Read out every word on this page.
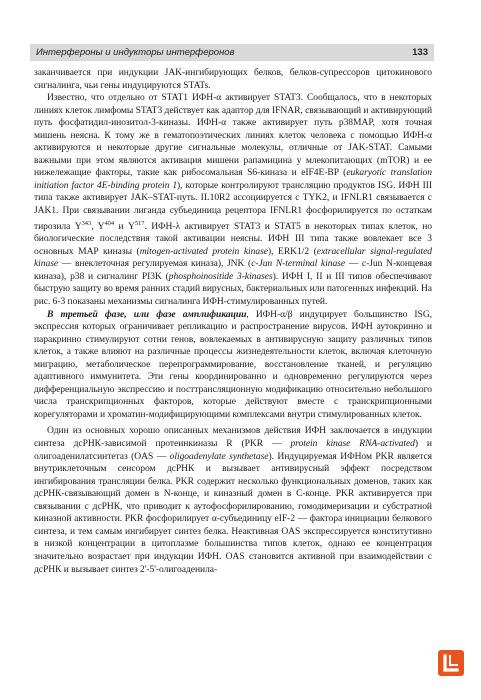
Интерфероны и индукторы интерферонов	133

заканчивается при индукции JAK-ингибирующих белков, белков-супрессоров цитокинового сигналинга, чьи гены индуцируются STATs.

Известно, что отдельно от STAT1 ИФН-α активирует STAT3. Сообщалось, что в некоторых линиях клеток лимфомы STAT3 действует как адаптор для IFNAR, связывающий и активирующий путь фосфатидил-инозитол-3-киназы. ИФН-α также активирует путь p38MAP, хотя точная мишень неясна. К тому же в гематопоэтических линиях клеток человека с помощью ИФН-α активируются и некоторые другие сигнальные молекулы, отличные от JAK-STAT. Самыми важными при этом являются активация мишени рапамицина у млекопитающих (mTOR) и ее нижележащие факторы, такие как рибосомальная S6-киназа и eIF4E-BP (eukaryotic translation initiation factor 4E-binding protein 1), которые контролируют трансляцию продуктов ISG. ИФН III типа также активирует JAK–STAT-путь. IL10R2 ассоциируется с TYK2, и IFNLR1 связывается с JAK1. При связывании лиганда субъединица рецептора IFNLR1 фосфорилируется по остаткам тирозила $Y^{343}$, $Y^{404}$ и $Y^{517}$. ИФН-λ активирует STAT3 и STAT5 в некоторых типах клеток, но биологические последствия такой активации неясны. ИФН III типа также вовлекает все 3 основных MAP киназы (mitogen-activated protein kinase), ERK1/2 (extracellular signal-regulated kinase — внеклеточная регулируемая киназа), JNK (c-Jun N-terminal kinase — c-Jun N-концевая киназа), p38 и сигналинг PI3K (phosphoinositide 3-kinases). ИФН I, II и III типов обеспечивают быструю защиту во время ранних стадий вирусных, бактериальных или патогенных инфекций. На рис. 6-3 показаны механизмы сигналинга ИФН-стимулированных путей.

В третьей фазе, или фазе амплификации, ИФН-α/β индуцирует большинство ISG, экспрессия которых ограничивает репликацию и распространение вирусов. ИФН аутокринно и паракринно стимулируют сотни генов, вовлекаемых в антивирусную защиту различных типов клеток, а также влияют на различные процессы жизнедеятельности клеток, включая клеточную миграцию, метаболическое перепрограммирование, восстановление тканей, и регуляцию адаптивного иммунитета. Эти гены координированно и одновременно регулируются через дифференциальную экспрессию и посттрансляционную модификацию относительно небольшого числа транскрипционных факторов, которые действуют вместе с транскрипционными корегуляторами и хроматин-модифицирующими комплексами внутри стимулированных клеток.

Один из основных хорошо описанных механизмов действия ИФН заключается в индукции синтеза дсРНК-зависимой протеинкиназы R (PKR — protein kinase RNA-activated) и олигоаденилатсинтетаз (OAS — oligoadenylate synthetase). Индуцируемая ИФНом PKR является внутриклеточным сенсором дсРНК и вызывает антивирусный эффект посредством ингибирования трансляции белка. PKR содержит несколько функциональных доменов, таких как дсРНК-связывающий домен в N-конце, и киназный домен в C-конце. PKR активируется при связывании с дсРНК, что приводит к аутофосфорилированию, гомодимеризации и субстратной киназной активности. PKR фосфорилирует α-субъединицу eIF-2 — фактора инициации белкового синтеза, и тем самым ингибирует синтез белка. Неактивная OAS экспрессируется конститутивно в низкой концентрации в цитоплазме большинства типов клеток, однако ее концентрация значительно возрастает при индукции ИФН. OAS становится активной при взаимодействии с дсРНК и вызывает синтез 2'-5'-олигоаденила-
